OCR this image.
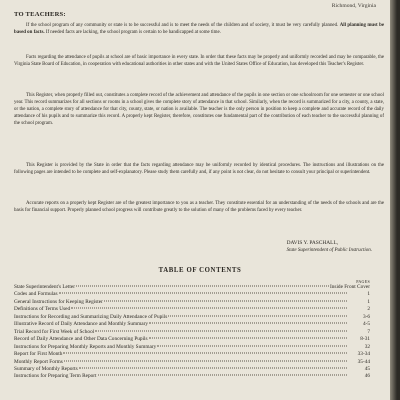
Richmond, Virginia
TO TEACHERS:
If the school program of any community or state is to be successful and is to meet the needs of the children and of society, it must be very carefully planned. All planning must be based on facts. If needed facts are lacking, the school program is certain to be handicapped at some time.
Facts regarding the attendance of pupils at school are of basic importance in every state. In order that these facts may be properly and uniformly recorded and may be comparable, the Virginia State Board of Education, in cooperation with educational authorities in other states and with the United States Office of Education, has developed this Teacher's Register.
This Register, when properly filled out, constitutes a complete record of the achievement and attendance of the pupils in one section or one schoolroom for one semester or one school year. This record summarizes for all sections or rooms in a school gives the complete story of attendance in that school. Similarly, when the record is summarized for a city, a county, a state, or the nation, a complete story of attendance for that city, county, state, or nation is available. The teacher is the only person in position to keep a complete and accurate record of the daily attendance of his pupils and to summarize this record. A properly kept Register, therefore, constitutes one fundamental part of the contribution of each teacher to the successful planning of the school program.
This Register is provided by the State in order that the facts regarding attendance may be uniformly recorded by identical procedures. The instructions and illustrations on the following pages are intended to be complete and self-explanatory. Please study them carefully and, if any point is not clear, do not hesitate to consult your principal or superintendent.
Accurate reports on a properly kept Register are of the greatest importance to you as a teacher. They constitute essential for an understanding of the needs of the schools and are the basis for financial support. Properly planned school progress will contribute greatly to the solution of many of the problems faced by every teacher.
DAVIS Y. PASCHALL,
State Superintendent of Public Instruction.
TABLE OF CONTENTS
PAGES
State Superintendent's Letter	Inside Front Cover
Codes and Formulas	1
General Instructions for Keeping Register	1
Definitions of Terms Used	2
Instructions for Recording and Summarizing Daily Attendance of Pupils	3-6
Illustrative Record of Daily Attendance and Monthly Summary	4-5
Trial Record for First Week of School	7
Record of Daily Attendance and Other Data Concerning Pupils	8-31
Instructions for Preparing Monthly Reports and Monthly Summary	32
Report for First Month	33-34
Monthly Report Forms	35-44
Summary of Monthly Reports	45
Instructions for Preparing Term Report	46
